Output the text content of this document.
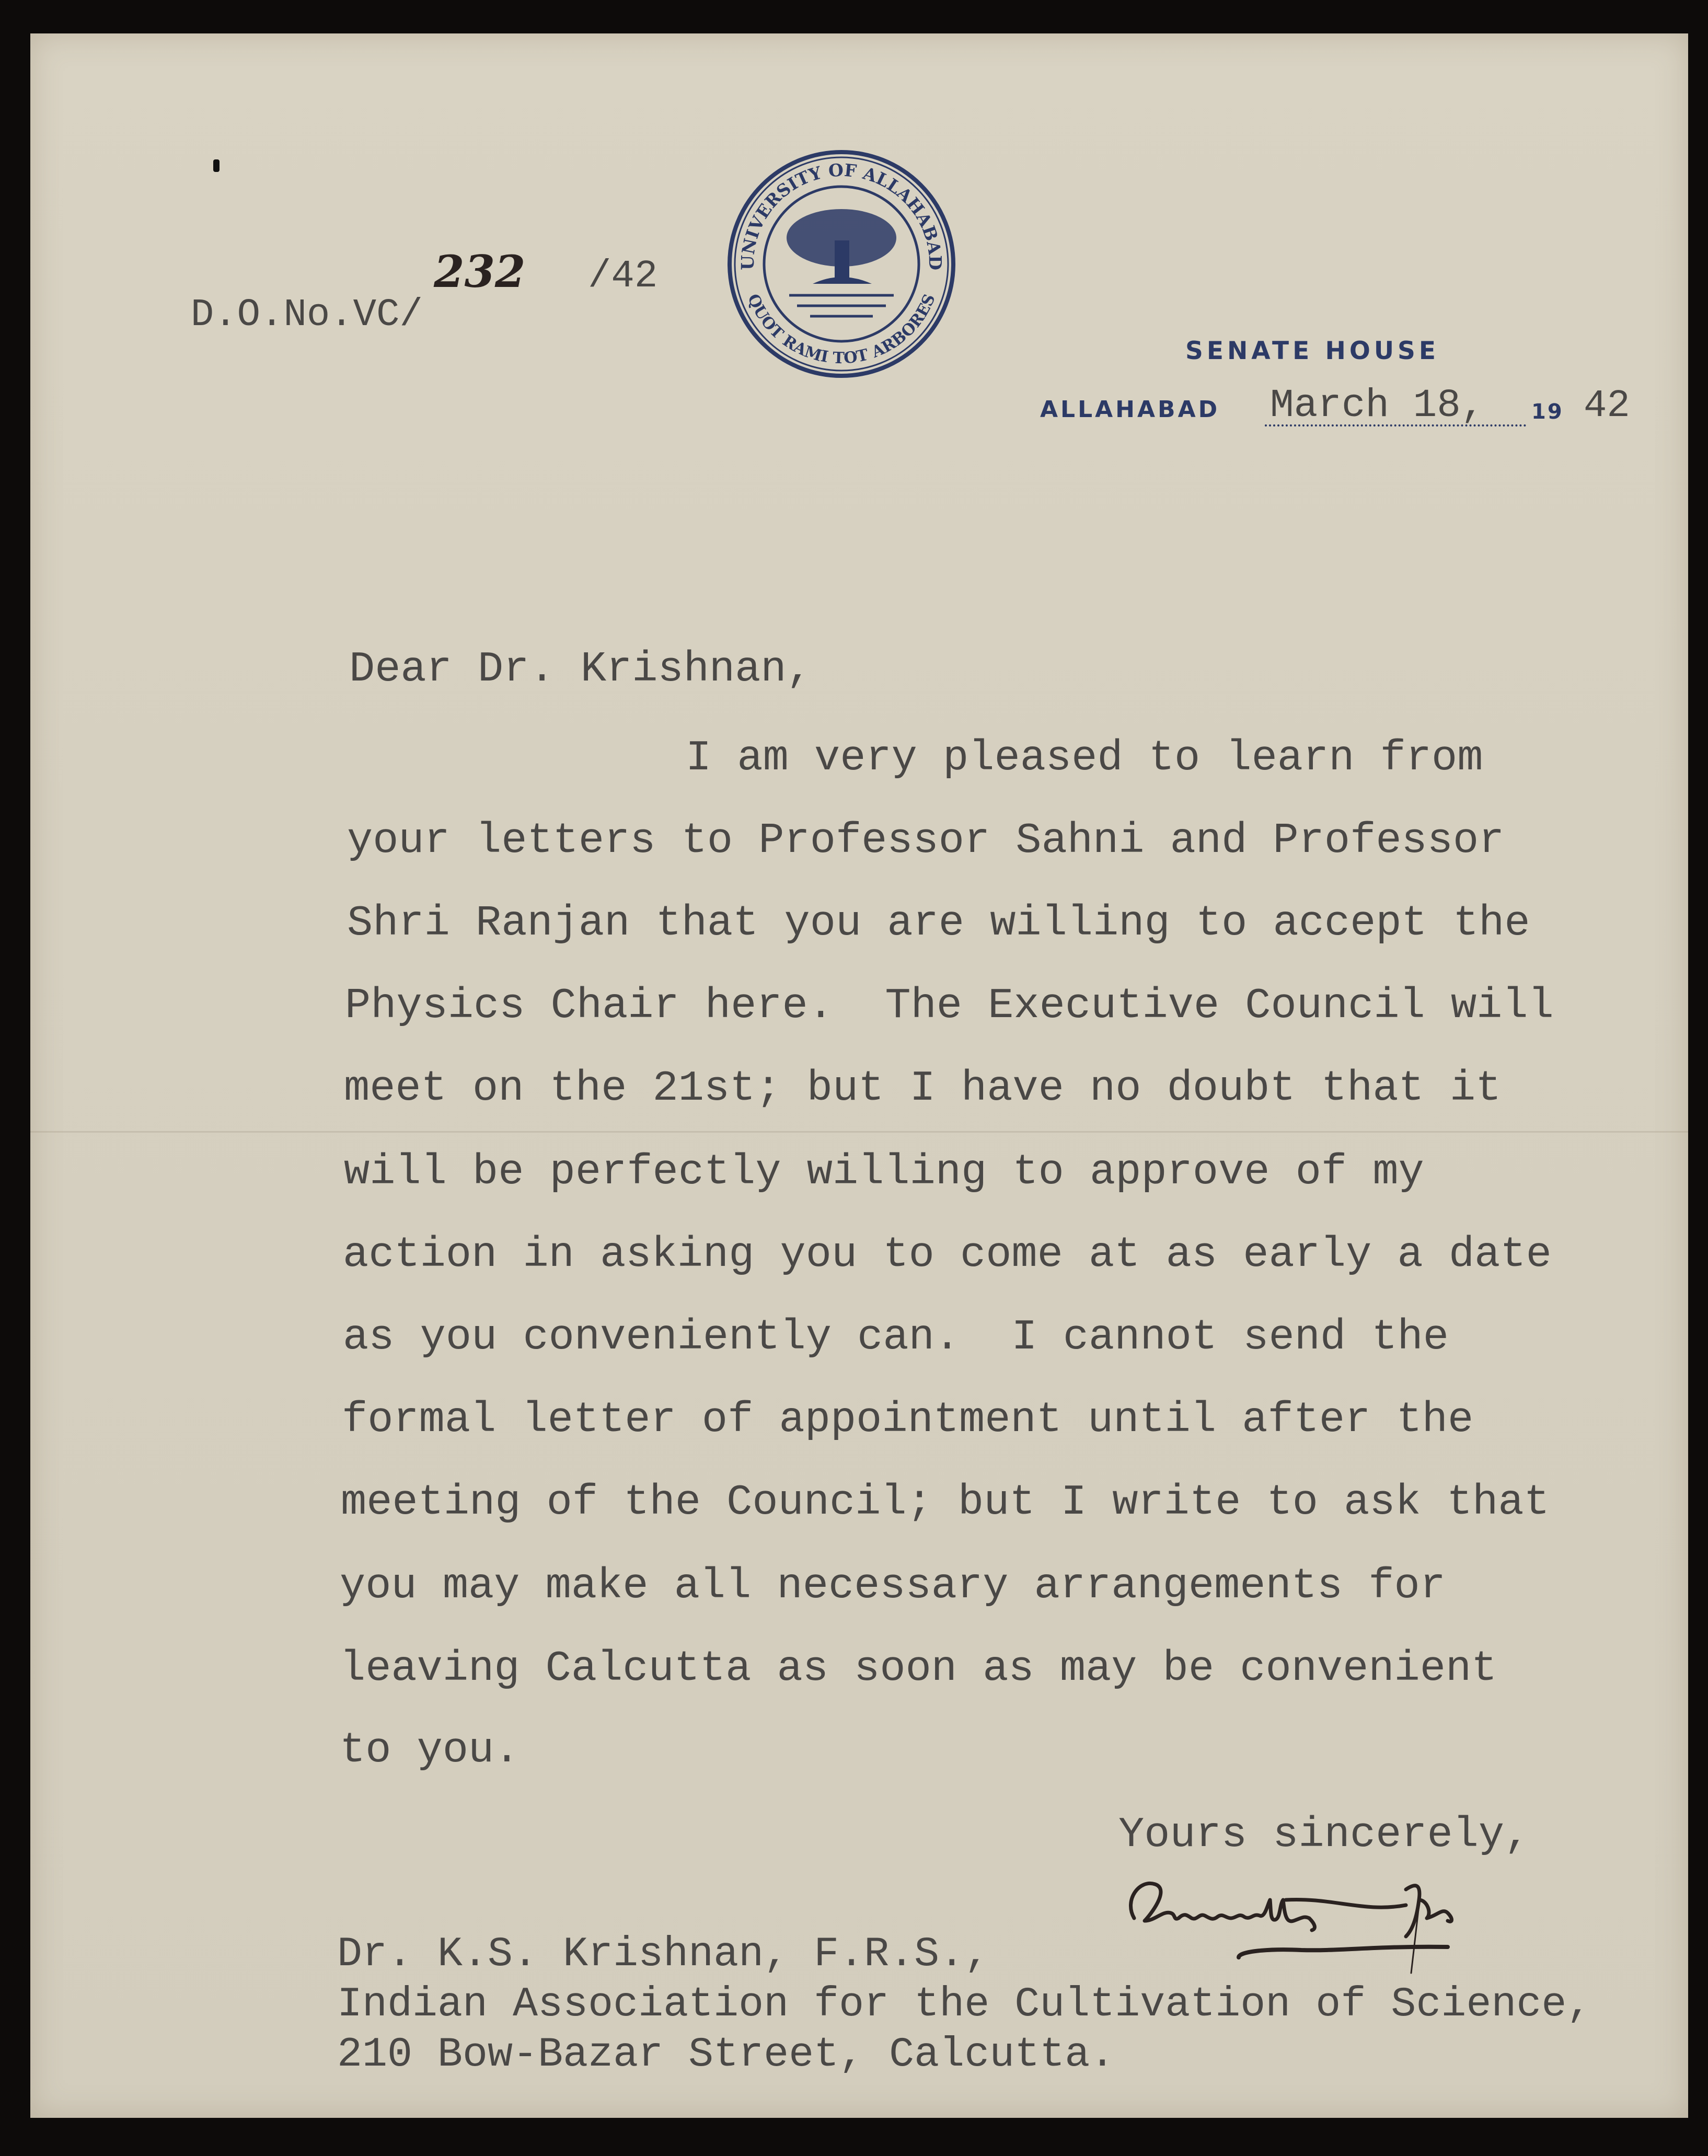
D.O.No.VC/

232 /42	UNIVERSITY OF ALLAHABAD
QUOT RAMI TOT ARBORES
SENATE HOUSE
ALLAHABAD March 18, 19 42
Dear Dr. Krishnan,
I am very pleased to learn from
your letters to Professor Sahni and Professor
Shri Ranjan that you are willing to accept the
Physics Chair here.  The Executive Council will
meet on the 21st; but I have no doubt that it
will be perfectly willing to approve of my
action in asking you to come at as early a date
as you conveniently can.  I cannot send the
formal letter of appointment until after the
meeting of the Council; but I write to ask that
you may make all necessary arrangements for
leaving Calcutta as soon as may be convenient
to you.
Yours sincerely,
Dr. K.S. Krishnan, F.R.S.,
Indian Association for the Cultivation of Science,
210 Bow-Bazar Street, Calcutta.
